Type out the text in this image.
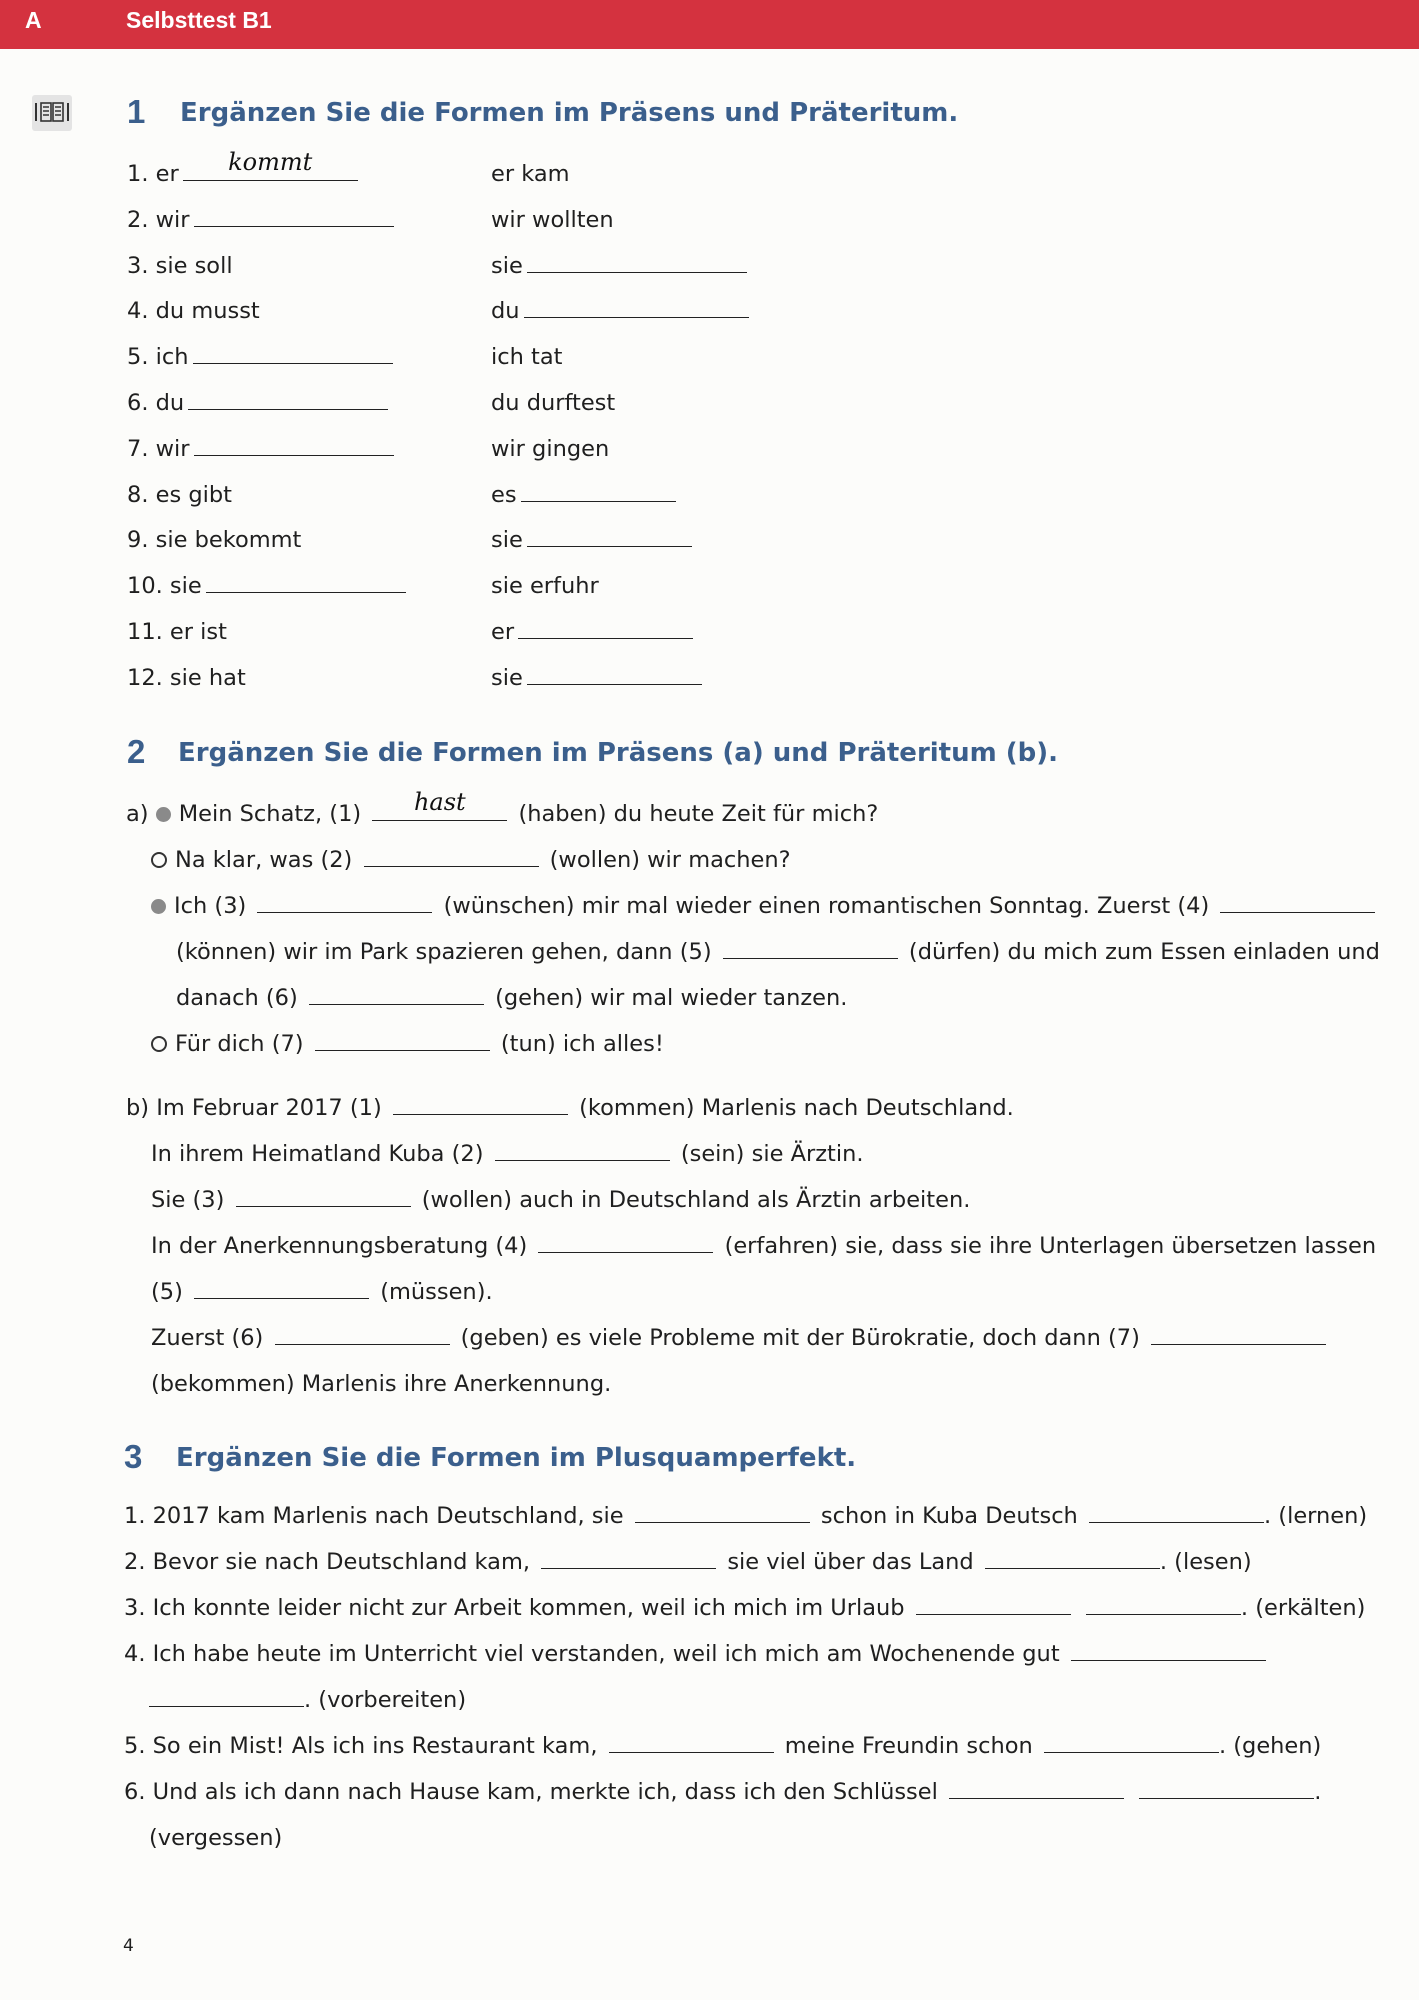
A	Selbsttest B1
1 Ergänzen Sie die Formen im Präsens und Präteritum.
1. er	kommt	er kam
2. wir	wir wollten
3. sie soll	sie
4. du musst	du
5. ich	ich tat
6. du	du durftest
7. wir	wir gingen
8. es gibt	es
9. sie bekommt	sie
10. sie	sie erfuhr
11. er ist	er
12. sie hat	sie
2 Ergänzen Sie die Formen im Präsens (a) und Präteritum (b).
a) Mein Schatz, (1)	hast	(haben) du heute Zeit für mich?
Na klar, was (2)	(wollen) wir machen?
Ich (3)	(wünschen) mir mal wieder einen romantischen Sonntag. Zuerst (4)
(können) wir im Park spazieren gehen, dann (5)	(dürfen) du mich zum Essen einladen und
danach (6)	(gehen) wir mal wieder tanzen.
Für dich (7)	(tun) ich alles!
b) Im Februar 2017 (1)	(kommen) Marlenis nach Deutschland.
In ihrem Heimatland Kuba (2)	(sein) sie Ärztin.
Sie (3)	(wollen) auch in Deutschland als Ärztin arbeiten.
In der Anerkennungsberatung (4)	(erfahren) sie, dass sie ihre Unterlagen übersetzen lassen
(5)	(müssen).
Zuerst (6)	(geben) es viele Probleme mit der Bürokratie, doch dann (7)
(bekommen) Marlenis ihre Anerkennung.
3 Ergänzen Sie die Formen im Plusquamperfekt.
1. 2017 kam Marlenis nach Deutschland, sie	schon in Kuba Deutsch	. (lernen)
2. Bevor sie nach Deutschland kam,	sie viel über das Land	. (lesen)
3. Ich konnte leider nicht zur Arbeit kommen, weil ich mich im Urlaub	. (erkälten)
4. Ich habe heute im Unterricht viel verstanden, weil ich mich am Wochenende gut
. (vorbereiten)
5. So ein Mist! Als ich ins Restaurant kam,	meine Freundin schon	. (gehen)
6. Und als ich dann nach Hause kam, merkte ich, dass ich den Schlüssel	.
(vergessen)
4
